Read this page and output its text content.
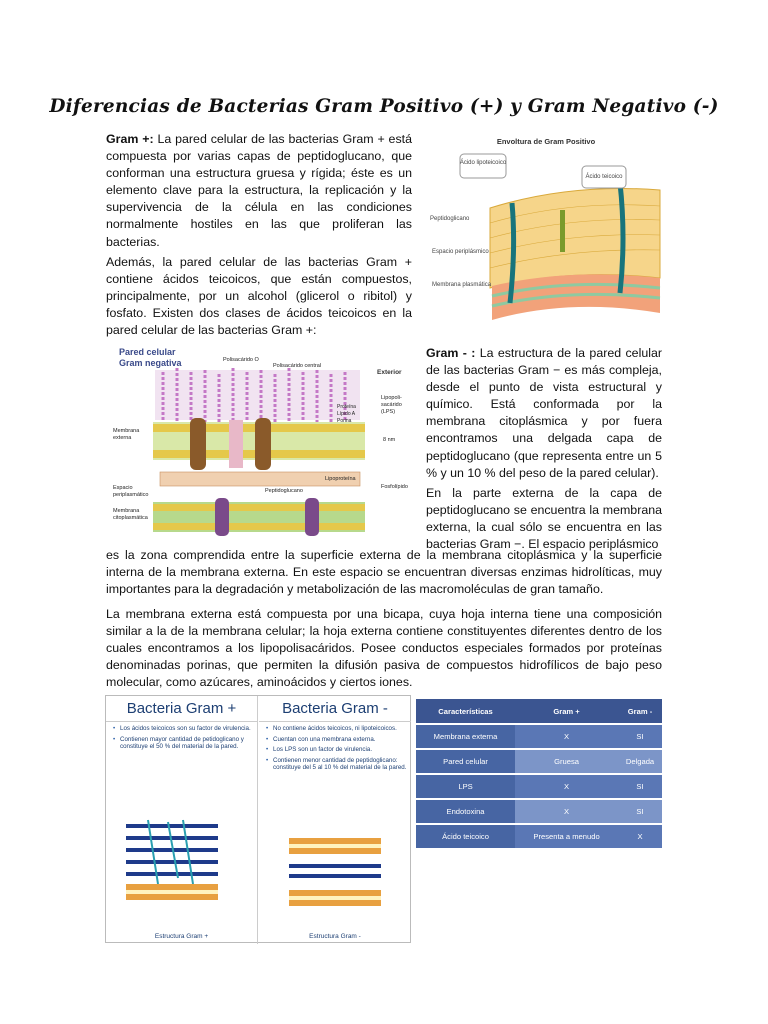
Diferencias de Bacterias Gram Positivo (+) y Gram Negativo (-)
Gram +: La pared celular de las bacterias Gram + está compuesta por varias capas de peptidoglucano, que conforman una estructura gruesa y rígida; éste es un elemento clave para la estructura, la replicación y la supervivencia de la célula en las condiciones normalmente hostiles en las que proliferan las bacterias.
Además, la pared celular de las bacterias Gram + contiene ácidos teicoicos, que están compuestos, principalmente, por un alcohol (glicerol o ribitol) y fosfato. Existen dos clases de ácidos teicoicos en la pared celular de las bacterias Gram +:
Envoltura de Gram Positivo
Ácido lipoteicoico
Ácido teicoico
Peptidoglicano
Espacio periplásmico
Membrana plasmática
Pared celular
Gram negativa	Polisacárido O
Polisacárido central
Exterior
Lipopoli-
sacárido
(LPS)
Proteína
Lípido A
Porina
8 nm
Membrana
externa
Lipoproteína
Peptidoglucano
Fosfolípido
Espacio
periplasmático
Membrana
citoplasmática
Gram - : La estructura de la pared celular de las bacterias Gram − es más compleja, desde el punto de vista estructural y químico. Está conformada por la membrana citoplásmica y por fuera encontramos una delgada capa de peptidoglucano (que representa entre un 5 % y un 10 % del peso de la pared celular).
En la parte externa de la capa de peptidoglucano se encuentra la membrana externa, la cual sólo se encuentra en las bacterias Gram −. El espacio periplásmico
es la zona comprendida entre la superficie externa de la membrana citoplásmica y la superficie interna de la membrana externa. En este espacio se encuentran diversas enzimas hidrolíticas, muy importantes para la degradación y metabolización de las macromoléculas de gran tamaño.
La membrana externa está compuesta por una bicapa, cuya hoja interna tiene una composición similar a la de la membrana celular; la hoja externa contiene constituyentes diferentes dentro de los cuales encontramos a los lipopolisacáridos. Posee conductos especiales formados por proteínas denominadas porinas, que permiten la difusión pasiva de compuestos hidrofílicos de bajo peso molecular, como azúcares, aminoácidos y ciertos iones.
Bacteria Gram +
• Los ácidos teicoicos son su factor de virulencia.
• Contienen mayor cantidad de petidoglicano y constituye el 50 % del material de la pared.
Estructura Gram +
Bacteria Gram -
• No contiene ácidos teicoicos, ni lipoteicoicos.
• Cuentan con una membrana externa.
• Los LPS son un factor de virulencia.
• Contienen menor cantidad de peptidoglicano: constituye del 5 al 10 % del material de la pared.
Estructura Gram -
Características	Gram +	Gram -
Membrana externa	X	SI
Pared celular	Gruesa	Delgada
LPS	X	SI
Endotoxina	X	SI
Ácido teicoico	Presenta a menudo	X
